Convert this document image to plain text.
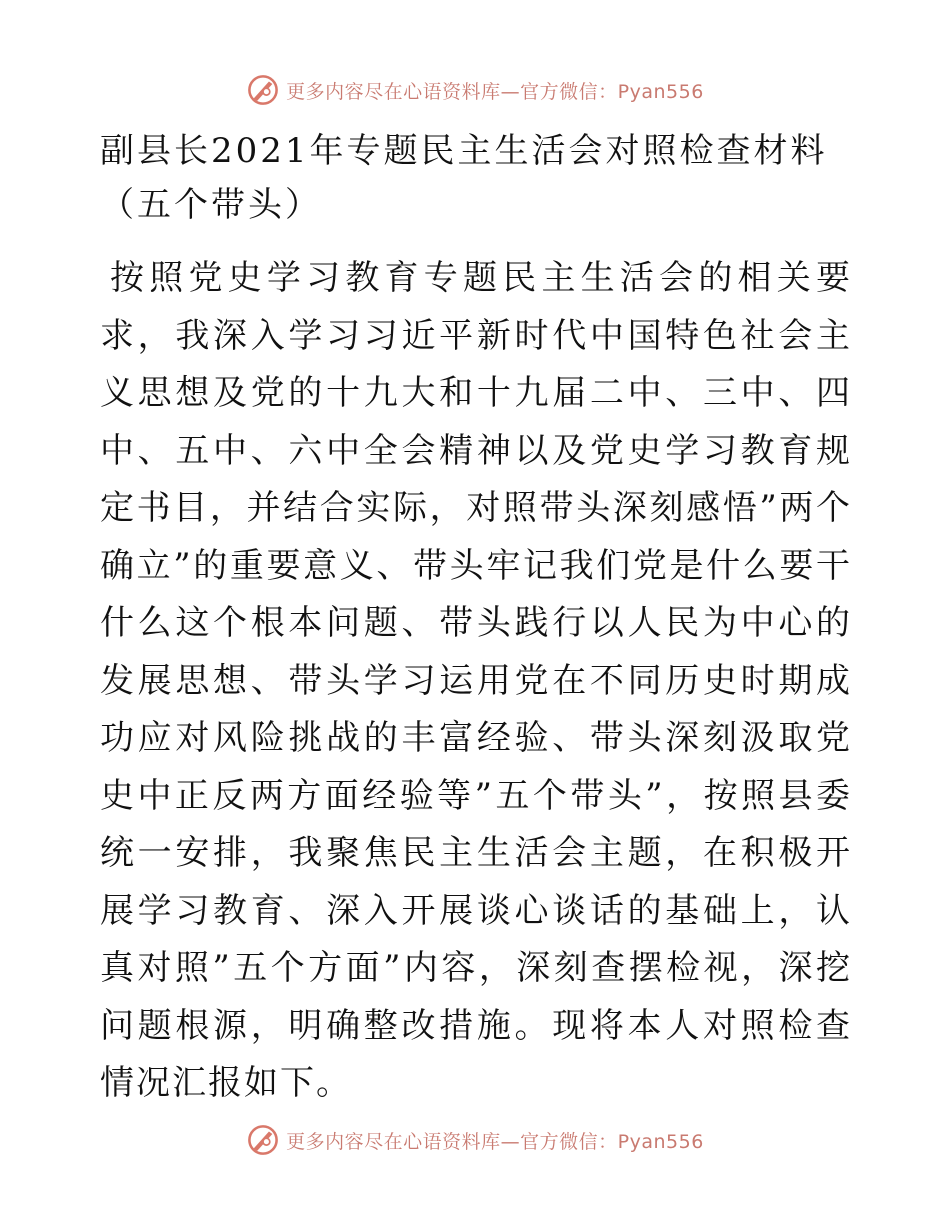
更多内容尽在心语资料库—官方微信：Pyan556
副县长2021年专题民主生活会对照检查材料（五个带头）

按照党史学习教育专题民主生活会的相关要求，我深入学习习近平新时代中国特色社会主义思想及党的十九大和十九届二中、三中、四中、五中、六中全会精神以及党史学习教育规定书目，并结合实际，对照带头深刻感悟”两个确立”的重要意义、带头牢记我们党是什么要干什么这个根本问题、带头践行以人民为中心的发展思想、带头学习运用党在不同历史时期成功应对风险挑战的丰富经验、带头深刻汲取党史中正反两方面经验等”五个带头”，按照县委统一安排，我聚焦民主生活会主题，在积极开展学习教育、深入开展谈心谈话的基础上，认真对照”五个方面”内容，深刻查摆检视，深挖问题根源，明确整改措施。现将本人对照检查情况汇报如下。

更多内容尽在心语资料库—官方微信：Pyan556
